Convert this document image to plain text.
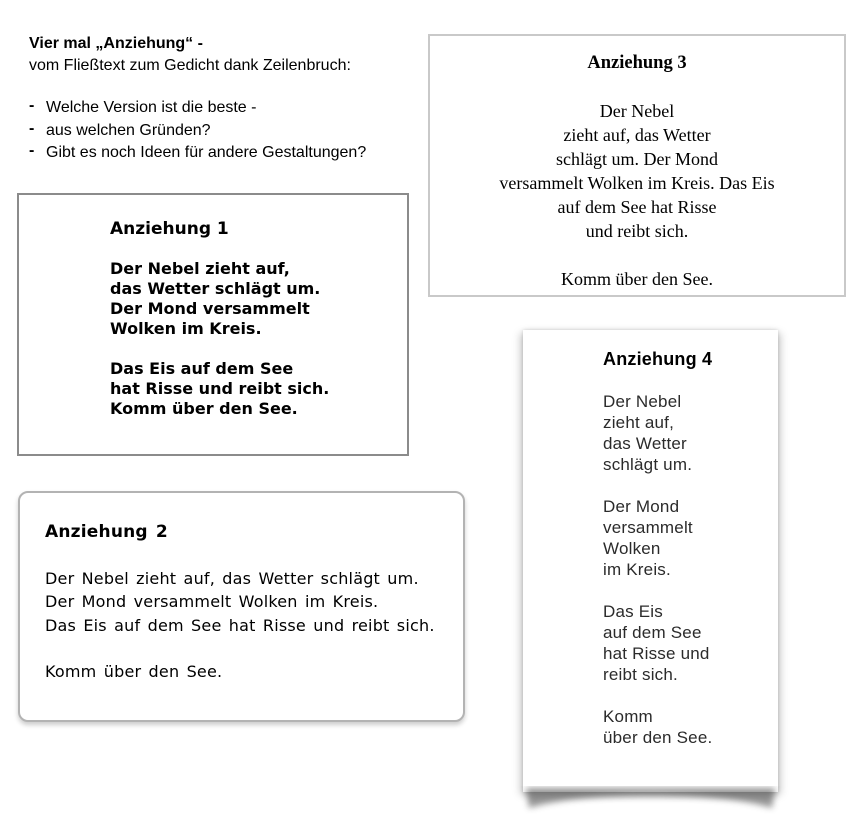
Vier mal „Anziehung“ -
vom Fließtext zum Gedicht dank Zeilenbruch:
- Welche Version ist die beste -
- aus welchen Gründen?
- Gibt es noch Ideen für andere Gestaltungen?
Anziehung 1
Der Nebel zieht auf,
das Wetter schlägt um.
Der Mond versammelt
Wolken im Kreis.
Das Eis auf dem See
hat Risse und reibt sich.
Komm über den See.
Anziehung 3
Der Nebel
zieht auf, das Wetter
schlägt um. Der Mond
versammelt Wolken im Kreis. Das Eis
auf dem See hat Risse
und reibt sich.
Komm über den See.
Anziehung 2
Der Nebel zieht auf, das Wetter schlägt um.
Der Mond versammelt Wolken im Kreis.
Das Eis auf dem See hat Risse und reibt sich.
Komm über den See.
Anziehung 4
Der Nebel
zieht auf,
das Wetter
schlägt um.
Der Mond
versammelt
Wolken
im Kreis.
Das Eis
auf dem See
hat Risse und
reibt sich.
Komm
über den See.
